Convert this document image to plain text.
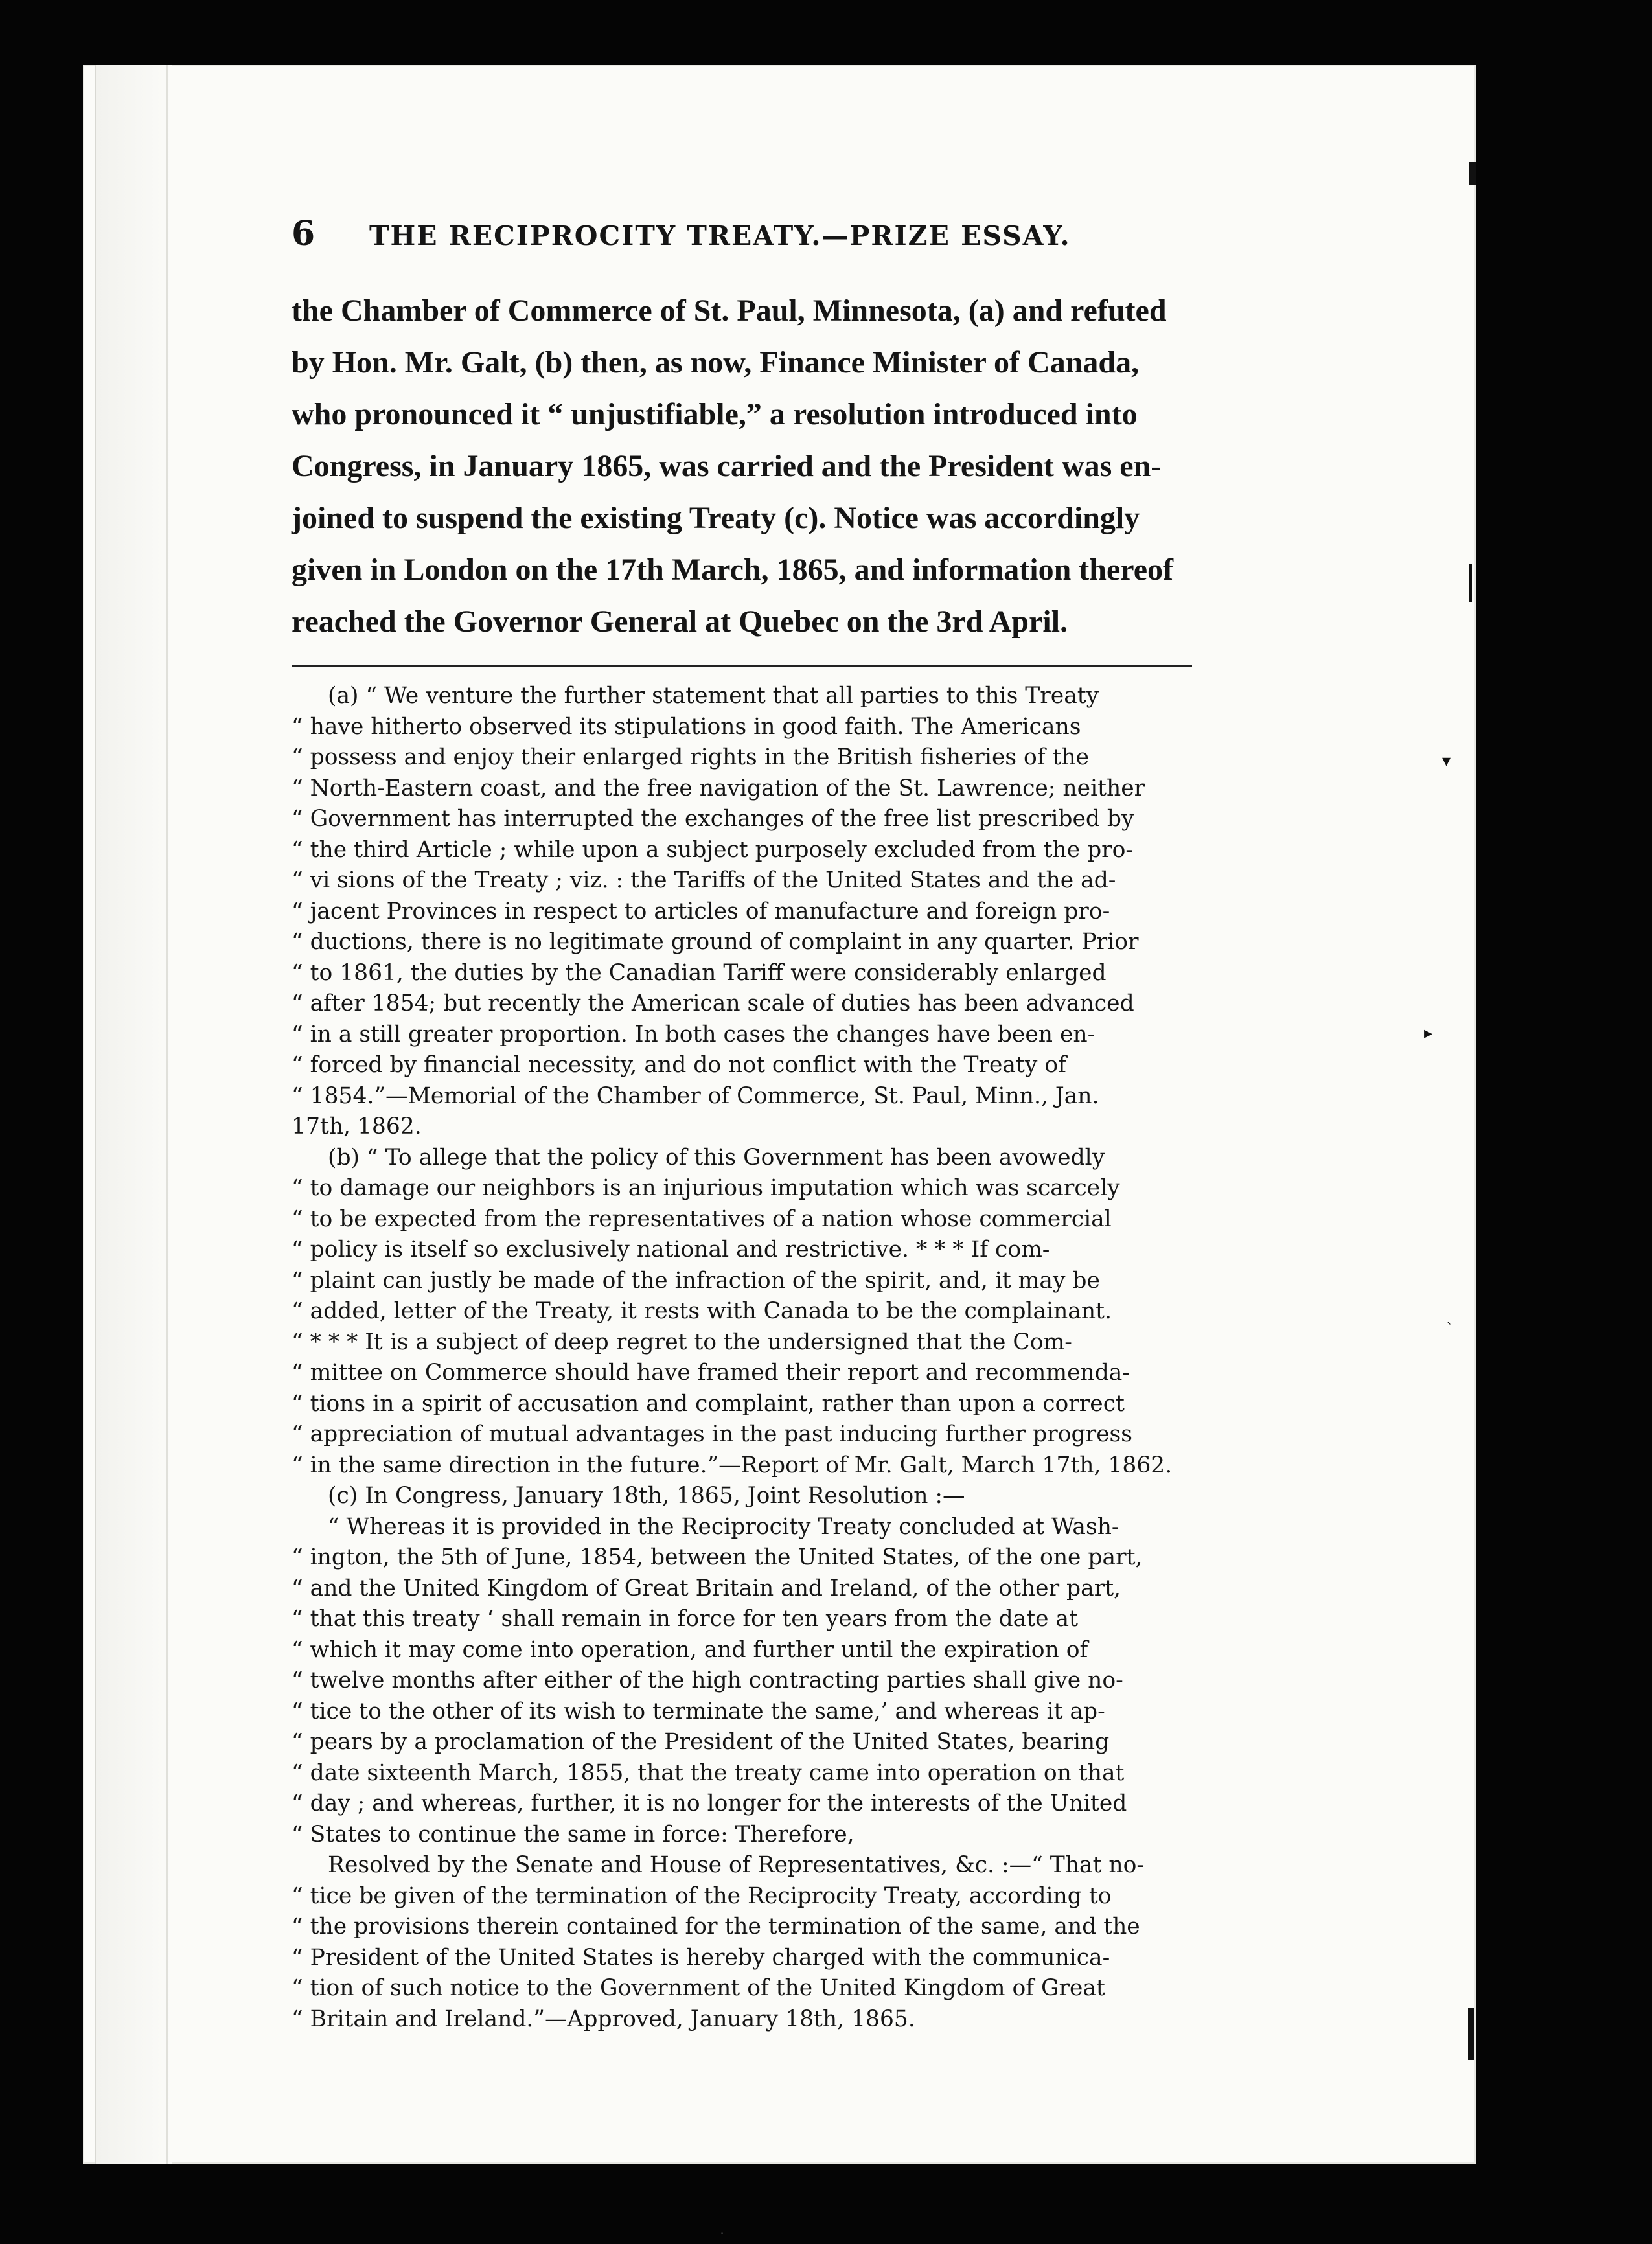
6	THE RECIPROCITY TREATY.—PRIZE ESSAY.
the Chamber of Commerce of St. Paul, Minnesota, (a) and refuted
by Hon. Mr. Galt, (b) then, as now, Finance Minister of Canada,
who pronounced it “ unjustifiable,” a resolution introduced into
Congress, in January 1865, was carried and the President was en-
joined to suspend the existing Treaty (c). Notice was accordingly
given in London on the 17th March, 1865, and information thereof
reached the Governor General at Quebec on the 3rd April.
(a) “ We venture the further statement that all parties to this Treaty
“ have hitherto observed its stipulations in good faith. The Americans
“ possess and enjoy their enlarged rights in the British fisheries of the
“ North-Eastern coast, and the free navigation of the St. Lawrence; neither
“ Government has interrupted the exchanges of the free list prescribed by
“ the third Article ; while upon a subject purposely excluded from the pro-
“ vi sions of the Treaty ; viz. : the Tariffs of the United States and the ad-
“ jacent Provinces in respect to articles of manufacture and foreign pro-
“ ductions, there is no legitimate ground of complaint in any quarter. Prior
“ to 1861, the duties by the Canadian Tariff were considerably enlarged
“ after 1854; but recently the American scale of duties has been advanced
“ in a still greater proportion. In both cases the changes have been en-
“ forced by financial necessity, and do not conflict with the Treaty of
“ 1854.”—Memorial of the Chamber of Commerce, St. Paul, Minn., Jan.
17th, 1862.
(b) “ To allege that the policy of this Government has been avowedly
“ to damage our neighbors is an injurious imputation which was scarcely
“ to be expected from the representatives of a nation whose commercial
“ policy is itself so exclusively national and restrictive. * * * If com-
“ plaint can justly be made of the infraction of the spirit, and, it may be
“ added, letter of the Treaty, it rests with Canada to be the complainant.
“ * * * It is a subject of deep regret to the undersigned that the Com-
“ mittee on Commerce should have framed their report and recommenda-
“ tions in a spirit of accusation and complaint, rather than upon a correct
“ appreciation of mutual advantages in the past inducing further progress
“ in the same direction in the future.”—Report of Mr. Galt, March 17th, 1862.
(c) In Congress, January 18th, 1865, Joint Resolution :—
“ Whereas it is provided in the Reciprocity Treaty concluded at Wash-
“ ington, the 5th of June, 1854, between the United States, of the one part,
“ and the United Kingdom of Great Britain and Ireland, of the other part,
“ that this treaty ‘ shall remain in force for ten years from the date at
“ which it may come into operation, and further until the expiration of
“ twelve months after either of the high contracting parties shall give no-
“ tice to the other of its wish to terminate the same,’ and whereas it ap-
“ pears by a proclamation of the President of the United States, bearing
“ date sixteenth March, 1855, that the treaty came into operation on that
“ day ; and whereas, further, it is no longer for the interests of the United
“ States to continue the same in force: Therefore,
Resolved by the Senate and House of Representatives, &c. :—“ That no-
“ tice be given of the termination of the Reciprocity Treaty, according to
“ the provisions therein contained for the termination of the same, and the
“ President of the United States is hereby charged with the communica-
“ tion of such notice to the Government of the United Kingdom of Great
“ Britain and Ireland.”—Approved, January 18th, 1865.
▾
▸
ˎ
·
